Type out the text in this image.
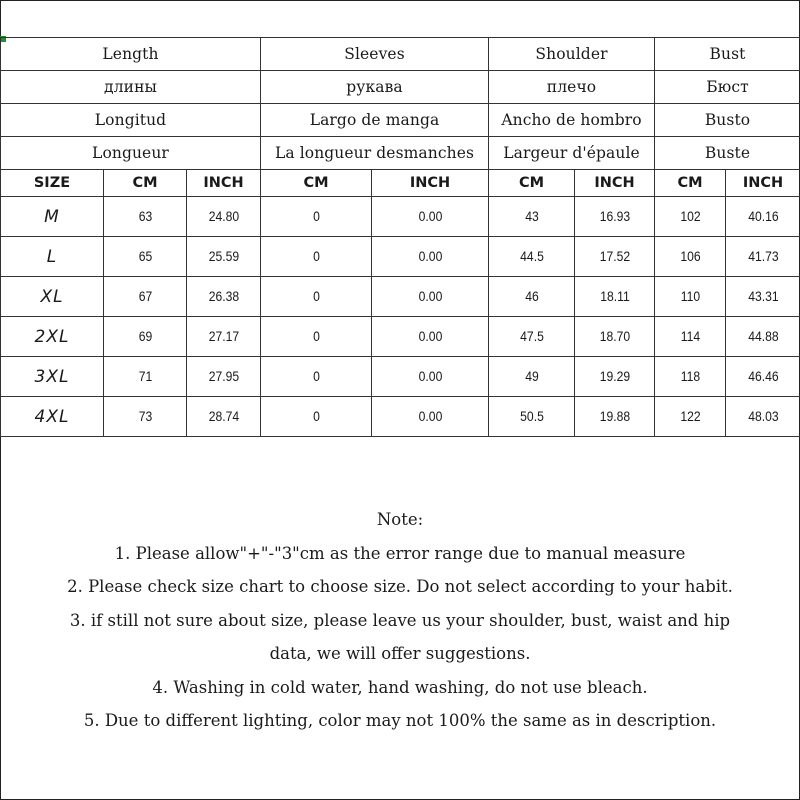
Length			Sleeves		Shoulder		Bust	
длины			рукава		плечо		Бюст	
Longitud			Largo de manga		Ancho de hombro		Busto	
Longueur			La longueur desmanches		Largeur d'épaule		Buste	
SIZE	CM	INCH	CM	INCH	CM	INCH	CM	INCH
M	63	24.80	0	0.00	43	16.93	102	40.16
L	65	25.59	0	0.00	44.5	17.52	106	41.73
XL	67	26.38	0	0.00	46	18.11	110	43.31
2XL	69	27.17	0	0.00	47.5	18.70	114	44.88
3XL	71	27.95	0	0.00	49	19.29	118	46.46
4XL	73	28.74	0	0.00	50.5	19.88	122	48.03
Note:
1. Please allow"+"-"3"cm as the error range due to manual measure
2. Please check size chart to choose size. Do not select according to your habit.
3. if still not sure about size, please leave us your shoulder, bust, waist and hip
data, we will offer suggestions.
4. Washing in cold water, hand washing, do not use bleach.
5. Due to different lighting, color may not 100% the same as in description.
